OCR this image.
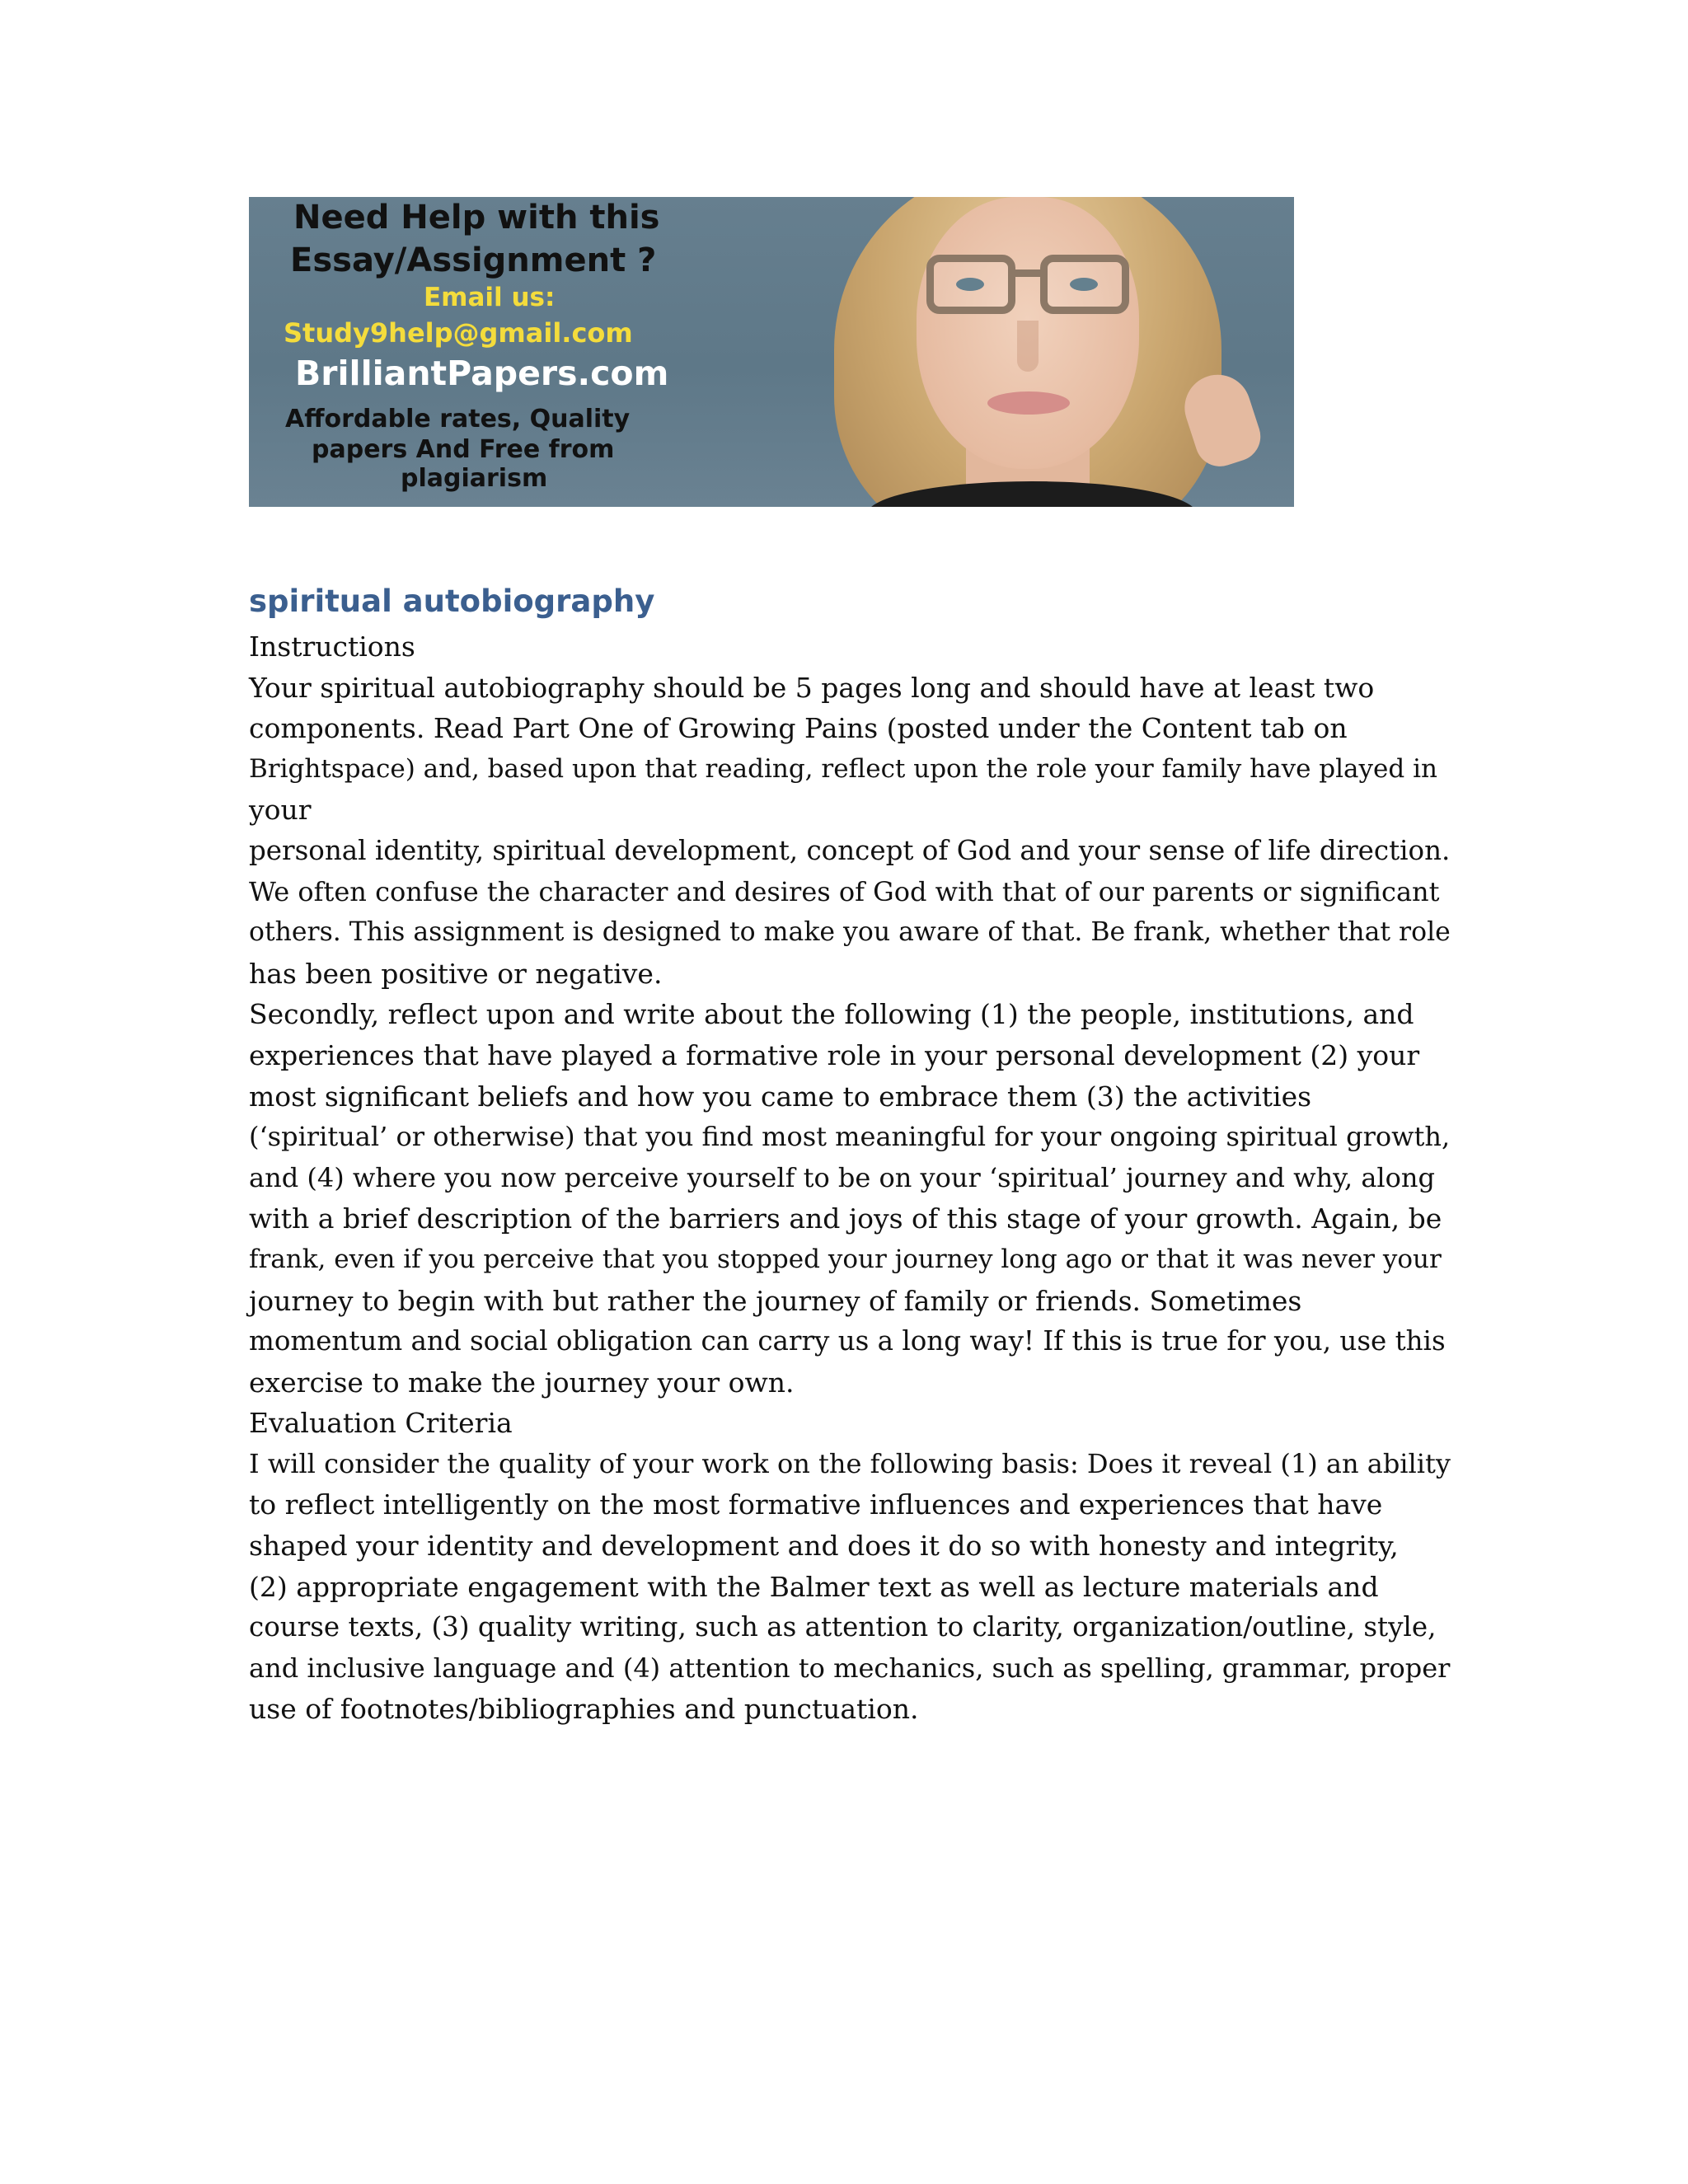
Need Help with this
Essay/Assignment ?
Email us:
Study9help@gmail.com
BrilliantPapers.com
Affordable rates, Quality
papers And Free from
plagiarism
spiritual autobiography

Instructions

Your spiritual autobiography should be 5 pages long and should have at least two

components. Read Part One of Growing Pains (posted under the Content tab on

Brightspace) and, based upon that reading, reflect upon the role your family have played in

your

personal identity, spiritual development, concept of God and your sense of life direction.

We often confuse the character and desires of God with that of our parents or significant

others. This assignment is designed to make you aware of that. Be frank, whether that role

has been positive or negative.

Secondly, reflect upon and write about the following (1) the people, institutions, and

experiences that have played a formative role in your personal development (2) your

most significant beliefs and how you came to embrace them (3) the activities

(‘spiritual’ or otherwise) that you find most meaningful for your ongoing spiritual growth,

and (4) where you now perceive yourself to be on your ‘spiritual’ journey and why, along

with a brief description of the barriers and joys of this stage of your growth. Again, be

frank, even if you perceive that you stopped your journey long ago or that it was never your

journey to begin with but rather the journey of family or friends. Sometimes

momentum and social obligation can carry us a long way! If this is true for you, use this

exercise to make the journey your own.

Evaluation Criteria

I will consider the quality of your work on the following basis: Does it reveal (1) an ability

to reflect intelligently on the most formative influences and experiences that have

shaped your identity and development and does it do so with honesty and integrity,

(2) appropriate engagement with the Balmer text as well as lecture materials and

course texts, (3) quality writing, such as attention to clarity, organization/outline, style,

and inclusive language and (4) attention to mechanics, such as spelling, grammar, proper

use of footnotes/bibliographies and punctuation.
